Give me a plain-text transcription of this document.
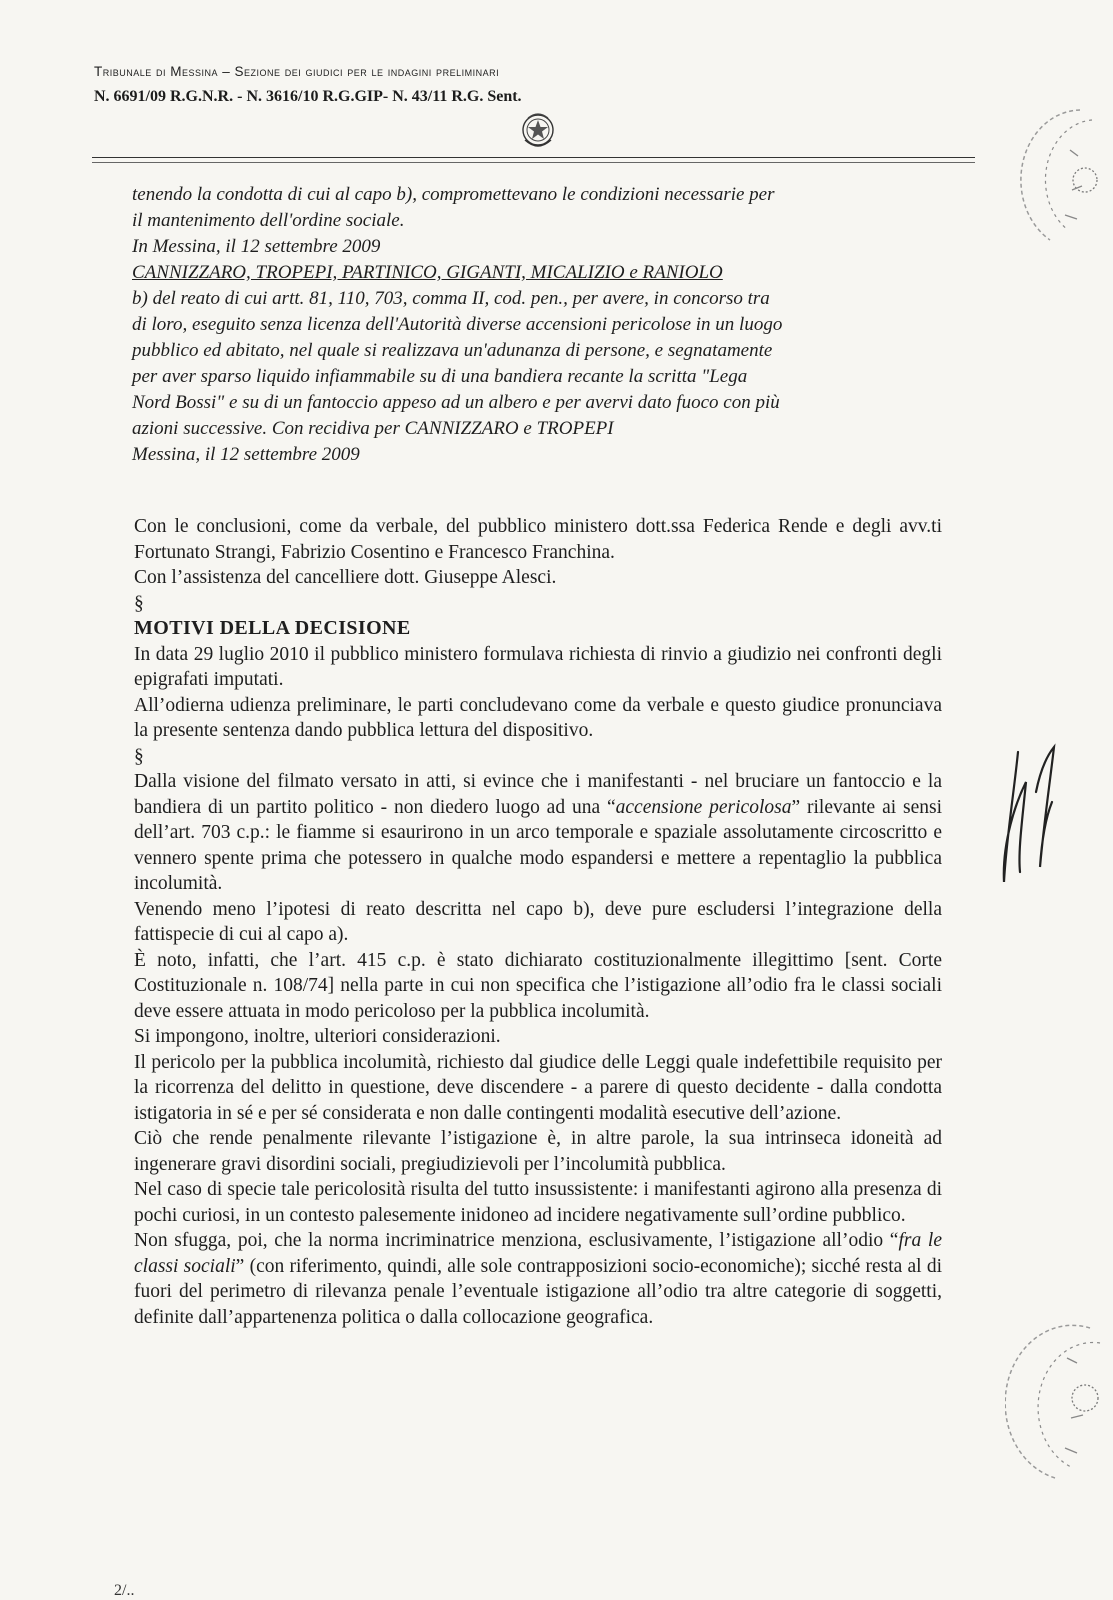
Tribunale di Messina – Sezione dei giudici per le indagini preliminari
N. 6691/09 R.G.N.R. - N. 3616/10 R.G.GIP- N. 43/11 R.G. Sent.

tenendo la condotta di cui al capo b), compromettevano le condizioni necessarie per

il mantenimento dell'ordine sociale.

In Messina, il 12 settembre 2009

CANNIZZARO, TROPEPI, PARTINICO, GIGANTI, MICALIZIO e RANIOLO

b) del reato di cui artt. 81, 110, 703, comma II, cod. pen., per avere, in concorso tra

di loro, eseguito senza licenza dell'Autorità diverse accensioni pericolose in un luogo

pubblico ed abitato, nel quale si realizzava un'adunanza di persone, e segnatamente

per aver sparso liquido infiammabile su di una bandiera recante la scritta "Lega

Nord Bossi" e su di un fantoccio appeso ad un albero e per avervi dato fuoco con più

azioni successive. Con recidiva per CANNIZZARO e TROPEPI

Messina, il 12 settembre 2009

Con le conclusioni, come da verbale, del pubblico ministero dott.ssa Federica Rende e degli avv.ti Fortunato Strangi, Fabrizio Cosentino e Francesco Franchina.

Con l’assistenza del cancelliere dott. Giuseppe Alesci.

§

MOTIVI DELLA DECISIONE

In data 29 luglio 2010 il pubblico ministero formulava richiesta di rinvio a giudizio nei confronti degli epigrafati imputati.

All’odierna udienza preliminare, le parti concludevano come da verbale e questo giudice pronunciava la presente sentenza dando pubblica lettura del dispositivo.

§

Dalla visione del filmato versato in atti, si evince che i manifestanti - nel bruciare un fantoccio e la bandiera di un partito politico - non diedero luogo ad una “accensione pericolosa” rilevante ai sensi dell’art. 703 c.p.: le fiamme si esaurirono in un arco temporale e spaziale assolutamente circoscritto e vennero spente prima che potessero in qualche modo espandersi e mettere a repentaglio la pubblica incolumità.

Venendo meno l’ipotesi di reato descritta nel capo b), deve pure escludersi l’integrazione della fattispecie di cui al capo a).

È noto, infatti, che l’art. 415 c.p. è stato dichiarato costituzionalmente illegittimo [sent. Corte Costituzionale n. 108/74] nella parte in cui non specifica che l’istigazione all’odio fra le classi sociali deve essere attuata in modo pericoloso per la pubblica incolumità.

Si impongono, inoltre, ulteriori considerazioni.

Il pericolo per la pubblica incolumità, richiesto dal giudice delle Leggi quale indefettibile requisito per la ricorrenza del delitto in questione, deve discendere - a parere di questo decidente - dalla condotta istigatoria in sé e per sé considerata e non dalle contingenti modalità esecutive dell’azione.

Ciò che rende penalmente rilevante l’istigazione è, in altre parole, la sua intrinseca idoneità ad ingenerare gravi disordini sociali, pregiudizievoli per l’incolumità pubblica.

Nel caso di specie tale pericolosità risulta del tutto insussistente: i manifestanti agirono alla presenza di pochi curiosi, in un contesto palesemente inidoneo ad incidere negativamente sull’ordine pubblico.

Non sfugga, poi, che la norma incriminatrice menziona, esclusivamente, l’istigazione all’odio “fra le classi sociali” (con riferimento, quindi, alle sole contrapposizioni socio-economiche); sicché resta al di fuori del perimetro di rilevanza penale l’eventuale istigazione all’odio tra altre categorie di soggetti, definite dall’appartenenza politica o dalla collocazione geografica.

2/..
